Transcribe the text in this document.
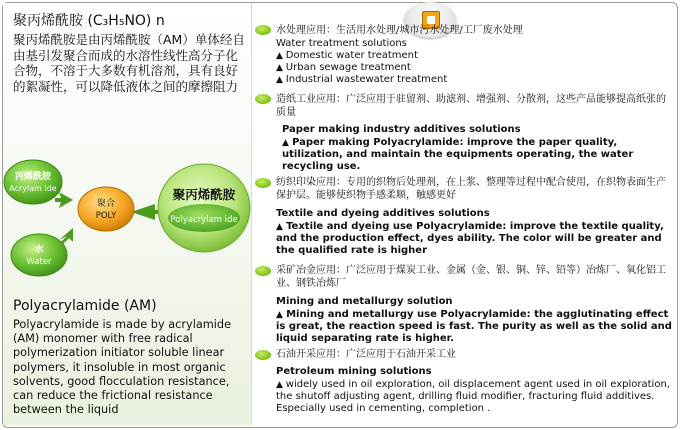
聚丙烯酰胺 (C₃H₅NO) n
聚丙烯酰胺是由丙烯酰胺（AM）单体经自由基引发聚合而成的水溶性线性高分子化合物，不溶于大多数有机溶剂，具有良好的絮凝性，可以降低液体之间的摩擦阻力
Polyacrylamide (AM)
Polyacrylamide is made by acrylamide (AM) monomer with free radical polymerization initiator soluble linear polymers, it insoluble in most organic solvents, good flocculation resistance, can reduce the frictional resistance between the liquid
丙烯酰胺
Acrylam ide
水
Water
聚合
POLY
聚丙烯酰胺
Polyacrylam ide
水处理应用：生活用水处理/城市污水处理/工厂废水处理
Water treatment solutions
▲ Domestic water treatment
▲ Urban sewage treatment
▲ Industrial wastewater treatment
造纸工业应用：广泛应用于驻留剂、助滤剂、增强剂、分散剂，这些产品能够提高纸张的质量
Paper making industry additives solutions
▲ Paper making Polyacrylamide: improve the paper quality, utilization, and maintain the equipments operating, the water recycling use.
纺织印染应用：专用的织物后处理剂，在上浆、整理等过程中配合使用，在织物表面生产保护层。能够使织物手感柔顺，触感更好
Textile and dyeing additives solutions
▲ Textile and dyeing use Polyacrylamide: improve the textile quality, and the production effect, dyes ability. The color will be greater and the qualified rate is higher
采矿冶金应用：广泛应用于煤炭工业、金属（金、银、铜、锌、铅等）冶炼厂、氧化铝工业、钢铁冶炼厂
Mining and metallurgy solution
▲ Mining and metallurgy use Polyacrylamide: the agglutinating effect is great, the reaction speed is fast. The purity as well as the solid and liquid separating rate is higher.
石油开采应用：广泛应用于石油开采工业
Petroleum mining solutions
▲ widely used in oil exploration, oil displacement agent used in oil exploration, the shutoff adjusting agent, drilling fluid modifier, fracturing fluid additives. Especially used in cementing, completion .
